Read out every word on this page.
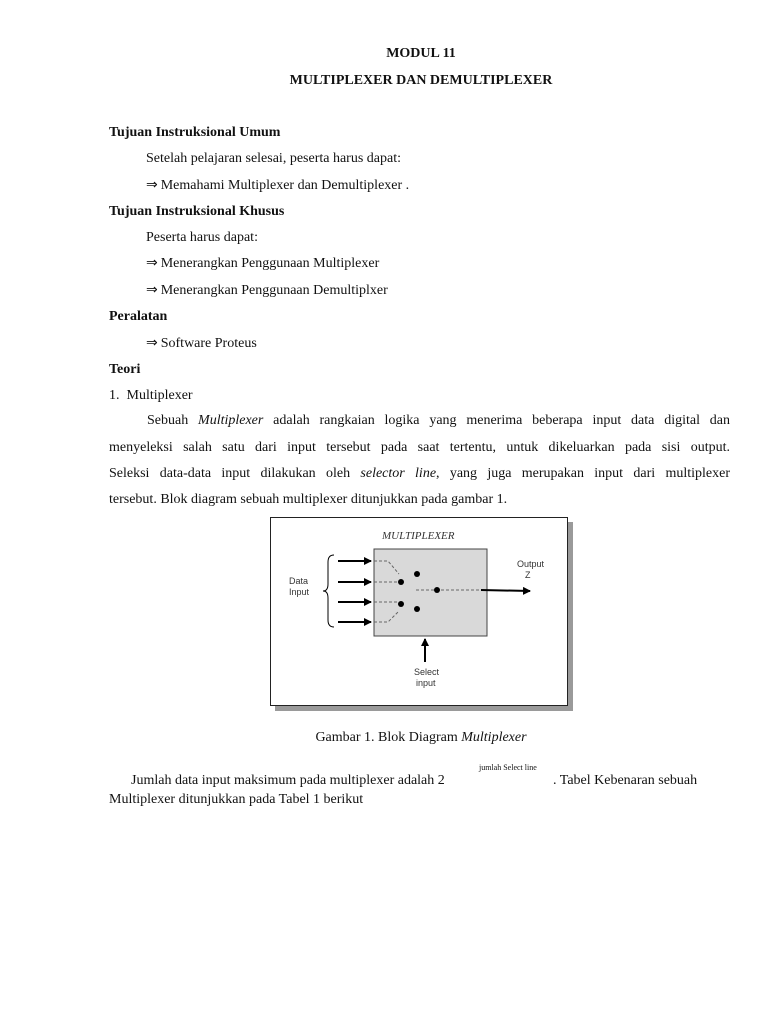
MODUL 11
MULTIPLEXER DAN DEMULTIPLEXER
Tujuan Instruksional Umum
Setelah pelajaran selesai, peserta harus dapat:
⇒ Memahami Multiplexer dan Demultiplexer .
Tujuan Instruksional Khusus
Peserta harus dapat:
⇒ Menerangkan Penggunaan Multiplexer
⇒ Menerangkan Penggunaan Demultiplxer
Peralatan
⇒ Software Proteus
Teori
1.  Multiplexer
Sebuah Multiplexer adalah rangkaian logika yang menerima beberapa input data digital dan
menyeleksi salah satu dari input tersebut pada saat tertentu, untuk dikeluarkan pada sisi output.
Seleksi data-data input dilakukan oleh selector line, yang juga merupakan input dari multiplexer
tersebut. Blok diagram sebuah multiplexer ditunjukkan pada gambar 1.
MULTIPLEXER
Data
Input
Output
Z
Select
input
Gambar 1. Blok Diagram Multiplexer
jumlah Select line
Jumlah data input maksimum pada multiplexer adalah 2	. Tabel Kebenaran sebuah
Multiplexer ditunjukkan pada Tabel 1 berikut
